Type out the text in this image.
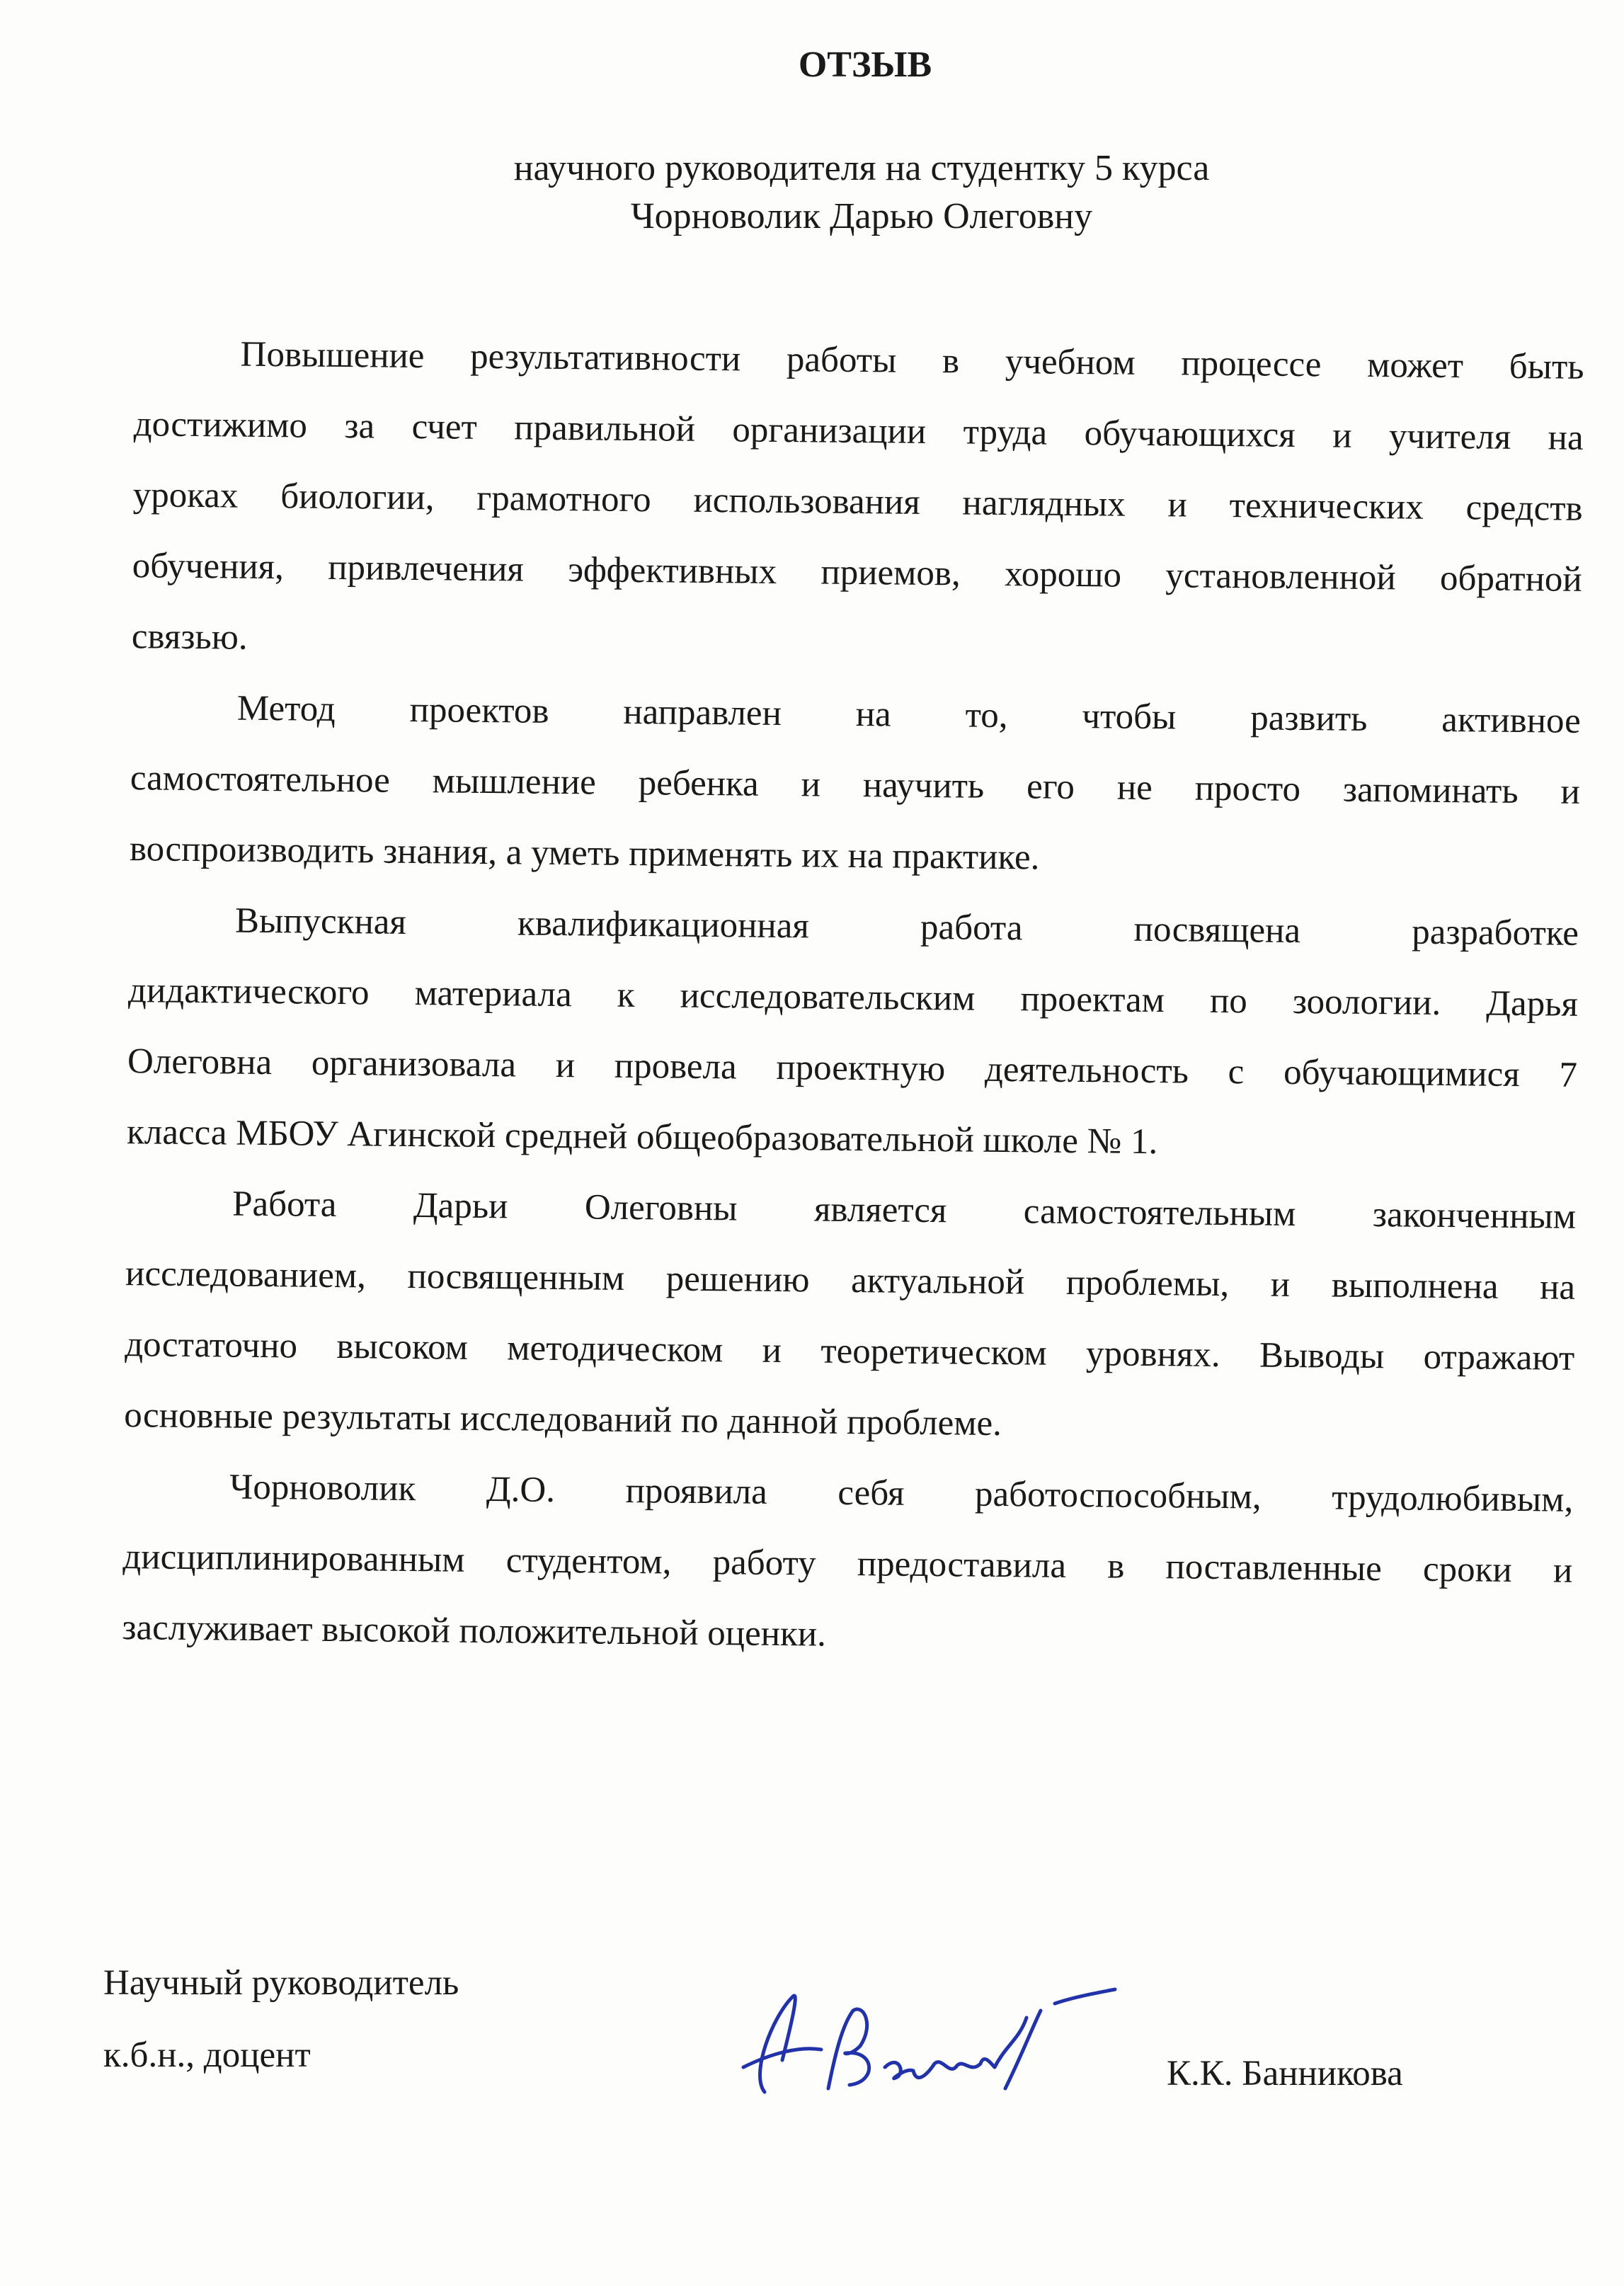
ОТЗЫВ
научного руководителя на студентку 5 курса
Чорноволик Дарью Олеговну
Повышение результативности работы в учебном процессе может быть
достижимо за счет правильной организации труда обучающихся и учителя на
уроках биологии, грамотного использования наглядных и технических средств
обучения, привлечения эффективных приемов, хорошо установленной обратной
связью.
Метод проектов направлен на то, чтобы развить активное
самостоятельное мышление ребенка и научить его не просто запоминать и
воспроизводить знания, а уметь применять их на практике.
Выпускная квалификационная работа посвящена разработке
дидактического материала к исследовательским проектам по зоологии. Дарья
Олеговна организовала и провела проектную деятельность с обучающимися 7
класса МБОУ Агинской средней общеобразовательной школе № 1.
Работа Дарьи Олеговны является самостоятельным законченным
исследованием, посвященным решению актуальной проблемы, и выполнена на
достаточно высоком методическом и теоретическом уровнях. Выводы отражают
основные результаты исследований по данной проблеме.
Чорноволик Д.О. проявила себя работоспособным, трудолюбивым,
дисциплинированным студентом, работу предоставила в поставленные сроки и
заслуживает высокой положительной оценки.
Научный руководитель
к.б.н., доцент	К.К. Банникова
